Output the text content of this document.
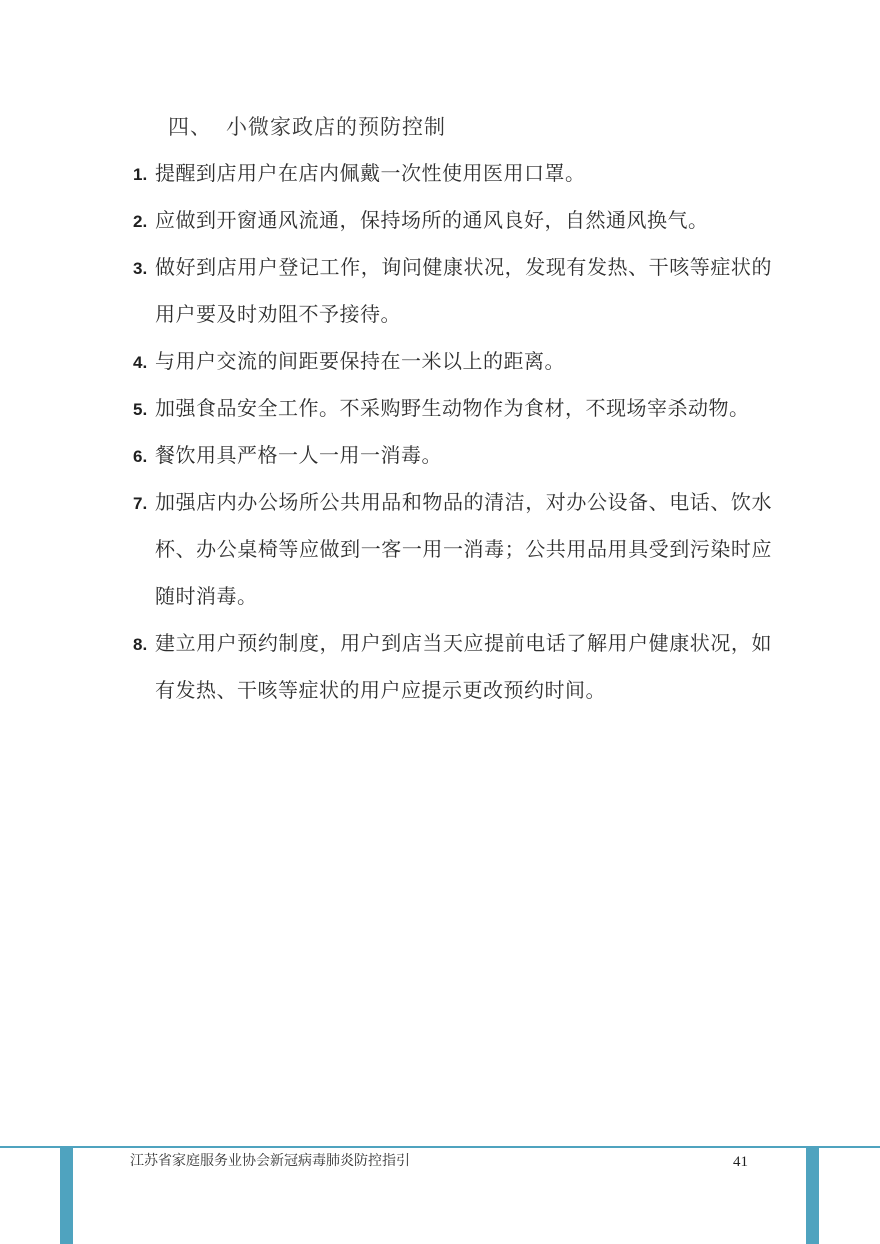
四、 小微家政店的预防控制
1. 提醒到店用户在店内佩戴一次性使用医用口罩。
2. 应做到开窗通风流通，保持场所的通风良好，自然通风换气。
3. 做好到店用户登记工作，询问健康状况，发现有发热、干咳等症状的用户要及时劝阻不予接待。
4. 与用户交流的间距要保持在一米以上的距离。
5. 加强食品安全工作。不采购野生动物作为食材，不现场宰杀动物。
6. 餐饮用具严格一人一用一消毒。
7. 加强店内办公场所公共用品和物品的清洁，对办公设备、电话、饮水杯、办公桌椅等应做到一客一用一消毒；公共用品用具受到污染时应随时消毒。
8. 建立用户预约制度，用户到店当天应提前电话了解用户健康状况，如有发热、干咳等症状的用户应提示更改预约时间。
江苏省家庭服务业协会新冠病毒肺炎防控指引	41
